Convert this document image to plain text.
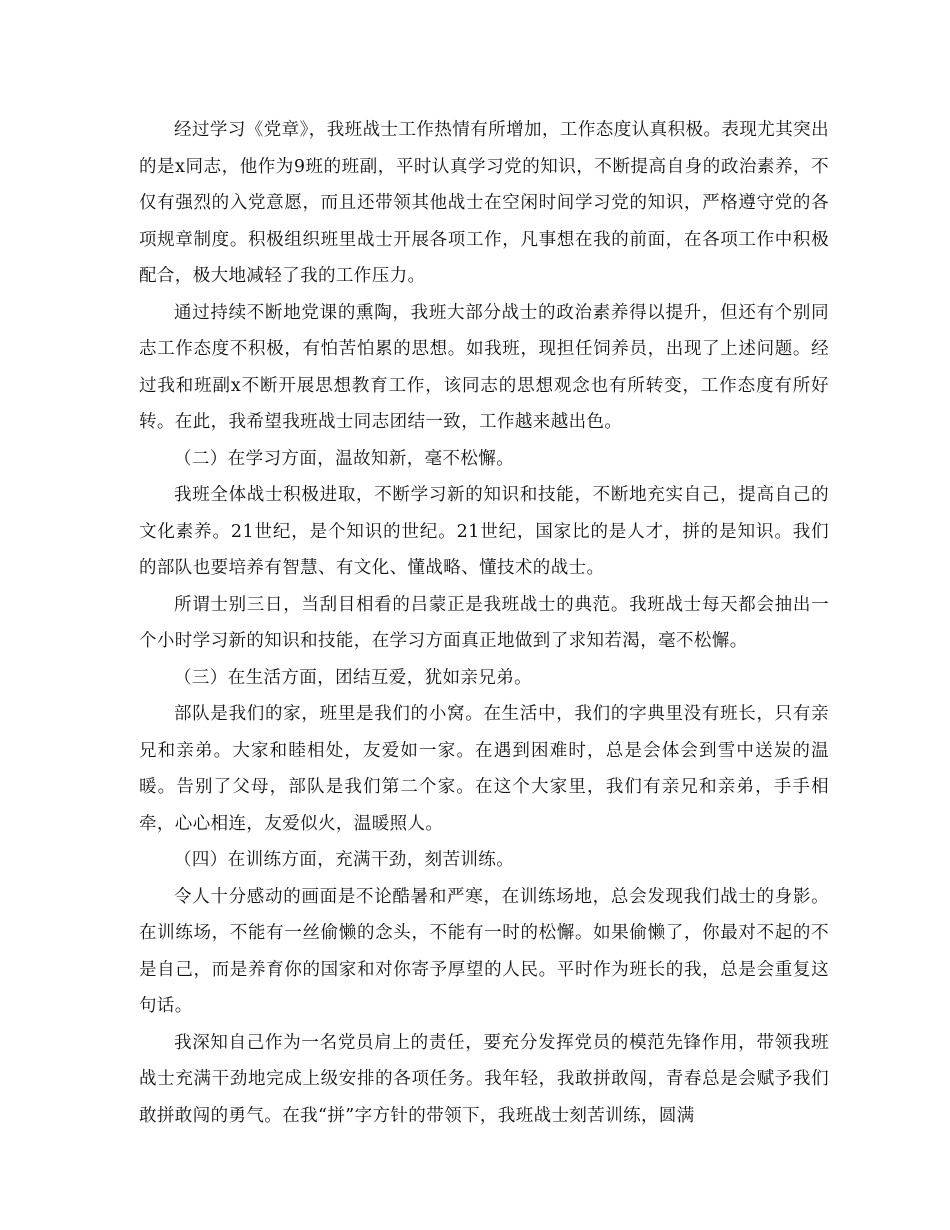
经过学习《党章》，我班战士工作热情有所增加，工作态度认真积极。表现尤其突出的是x同志，他作为9班的班副，平时认真学习党的知识，不断提高自身的政治素养，不仅有强烈的入党意愿，而且还带领其他战士在空闲时间学习党的知识，严格遵守党的各项规章制度。积极组织班里战士开展各项工作，凡事想在我的前面，在各项工作中积极配合，极大地减轻了我的工作压力。

通过持续不断地党课的熏陶，我班大部分战士的政治素养得以提升，但还有个别同志工作态度不积极，有怕苦怕累的思想。如我班，现担任饲养员，出现了上述问题。经过我和班副x不断开展思想教育工作，该同志的思想观念也有所转变，工作态度有所好转。在此，我希望我班战士同志团结一致，工作越来越出色。

（二）在学习方面，温故知新，毫不松懈。

我班全体战士积极进取，不断学习新的知识和技能，不断地充实自己，提高自己的文化素养。21世纪，是个知识的世纪。21世纪，国家比的是人才，拼的是知识。我们的部队也要培养有智慧、有文化、懂战略、懂技术的战士。

所谓士别三日，当刮目相看的吕蒙正是我班战士的典范。我班战士每天都会抽出一个小时学习新的知识和技能，在学习方面真正地做到了求知若渴，毫不松懈。

（三）在生活方面，团结互爱，犹如亲兄弟。

部队是我们的家，班里是我们的小窝。在生活中，我们的字典里没有班长，只有亲兄和亲弟。大家和睦相处，友爱如一家。在遇到困难时，总是会体会到雪中送炭的温暖。告别了父母，部队是我们第二个家。在这个大家里，我们有亲兄和亲弟，手手相牵，心心相连，友爱似火，温暖照人。

（四）在训练方面，充满干劲，刻苦训练。

令人十分感动的画面是不论酷暑和严寒，在训练场地，总会发现我们战士的身影。在训练场，不能有一丝偷懒的念头，不能有一时的松懈。如果偷懒了，你最对不起的不是自己，而是养育你的国家和对你寄予厚望的人民。平时作为班长的我，总是会重复这句话。

我深知自己作为一名党员肩上的责任，要充分发挥党员的模范先锋作用，带领我班战士充满干劲地完成上级安排的各项任务。我年轻，我敢拼敢闯，青春总是会赋予我们敢拼敢闯的勇气。在我“拼”字方针的带领下，我班战士刻苦训练，圆满
